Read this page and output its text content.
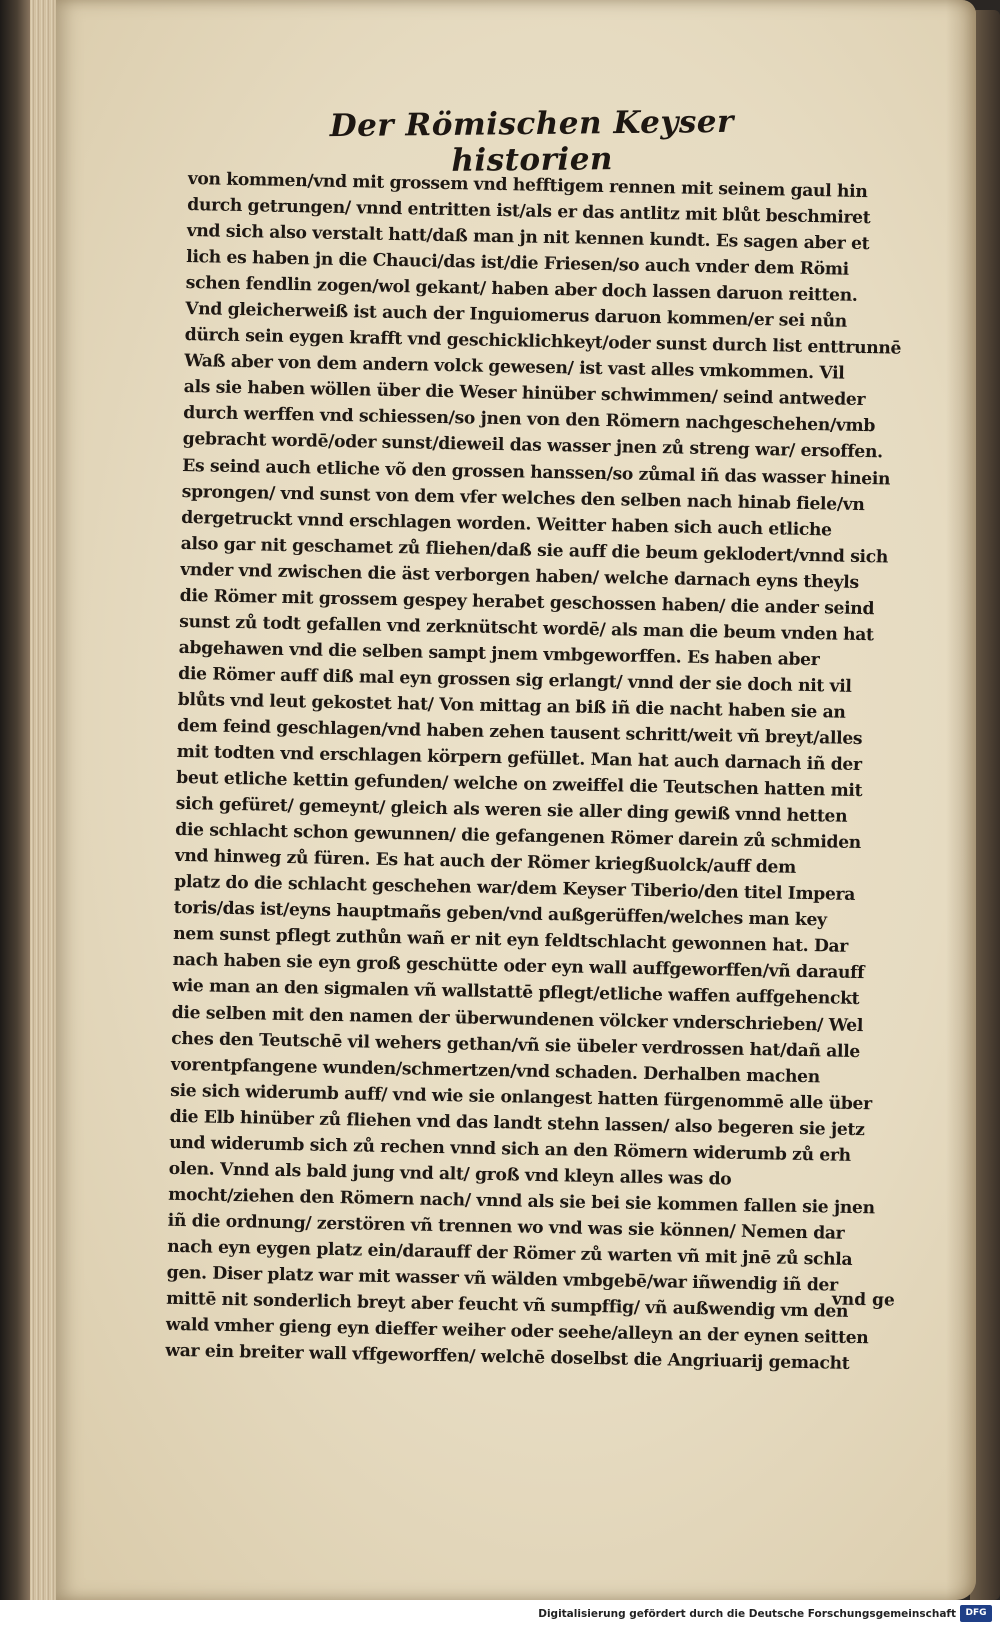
Der Römischen Keyser historien
von kommen/vnd mit grossem vnd hefftigem rennen mit seinem gaul hin
durch getrungen/ vnnd entritten ist/als er das antlitz mit blůt beschmiret
vnd sich also verstalt hatt/daß man jn nit kennen kundt. Es sagen aber et
lich es haben jn die Chauci/das ist/die Friesen/so auch vnder dem Römi
schen fendlin zogen/wol gekant/ haben aber doch lassen daruon reitten.
Vnd gleicherweiß ist auch der Inguiomerus daruon kommen/er sei nůn
dürch sein eygen krafft vnd geschicklichkeyt/oder sunst durch list enttrunnē
Waß aber von dem andern volck gewesen/ ist vast alles vmkommen. Vil
als sie haben wöllen über die Weser hinüber schwimmen/ seind antweder
durch werffen vnd schiessen/so jnen von den Römern nachgeschehen/vmb
gebracht wordē/oder sunst/dieweil das wasser jnen zů streng war/ ersoffen.
Es seind auch etliche võ den grossen hanssen/so zůmal iñ das wasser hinein
sprongen/ vnd sunst von dem vfer welches den selben nach hinab fiele/vn
dergetruckt vnnd erschlagen worden. Weitter haben sich auch etliche
also gar nit geschamet zů fliehen/daß sie auff die beum geklodert/vnnd sich
vnder vnd zwischen die äst verborgen haben/ welche darnach eyns theyls
die Römer mit grossem gespey herabet geschossen haben/ die ander seind
sunst zů todt gefallen vnd zerknütscht wordē/ als man die beum vnden hat
abgehawen vnd die selben sampt jnem vmbgeworffen. Es haben aber
die Römer auff diß mal eyn grossen sig erlangt/ vnnd der sie doch nit vil
blůts vnd leut gekostet hat/ Von mittag an biß iñ die nacht haben sie an
dem feind geschlagen/vnd haben zehen tausent schritt/weit vñ breyt/alles
mit todten vnd erschlagen körpern gefüllet. Man hat auch darnach iñ der
beut etliche kettin gefunden/ welche on zweiffel die Teutschen hatten mit
sich gefüret/ gemeynt/ gleich als weren sie aller ding gewiß vnnd hetten
die schlacht schon gewunnen/ die gefangenen Römer darein zů schmiden
vnd hinweg zů füren. Es hat auch der Römer kriegßuolck/auff dem
platz do die schlacht geschehen war/dem Keyser Tiberio/den titel Impera
toris/das ist/eyns hauptmañs geben/vnd außgerüffen/welches man key
nem sunst pflegt zuthůn wañ er nit eyn feldtschlacht gewonnen hat. Dar
nach haben sie eyn groß geschütte oder eyn wall auffgeworffen/vñ darauff
wie man an den sigmalen vñ wallstattē pflegt/etliche waffen auffgehenckt
die selben mit den namen der überwundenen völcker vnderschrieben/ Wel
ches den Teutschē vil wehers gethan/vñ sie übeler verdrossen hat/dañ alle
vorentpfangene wunden/schmertzen/vnd schaden. Derhalben machen
sie sich widerumb auff/ vnd wie sie onlangest hatten fürgenommē alle über
die Elb hinüber zů fliehen vnd das landt stehn lassen/ also begeren sie jetz
und widerumb sich zů rechen vnnd sich an den Römern widerumb zů erh
olen. Vnnd als bald jung vnd alt/ groß vnd kleyn alles was do
mocht/ziehen den Römern nach/ vnnd als sie bei sie kommen fallen sie jnen
iñ die ordnung/ zerstören vñ trennen wo vnd was sie können/ Nemen dar
nach eyn eygen platz ein/darauff der Römer zů warten vñ mit jnē zů schla
gen. Diser platz war mit wasser vñ wälden vmbgebē/war iñwendig iñ der
mittē nit sonderlich breyt aber feucht vñ sumpffig/ vñ außwendig vm den
wald vmher gieng eyn dieffer weiher oder seehe/alleyn an der eynen seitten
war ein breiter wall vffgeworffen/ welchē doselbst die Angriuarij gemacht
vnd ge
Digitalisierung gefördert durch die Deutsche Forschungsgemeinschaft	DFG
